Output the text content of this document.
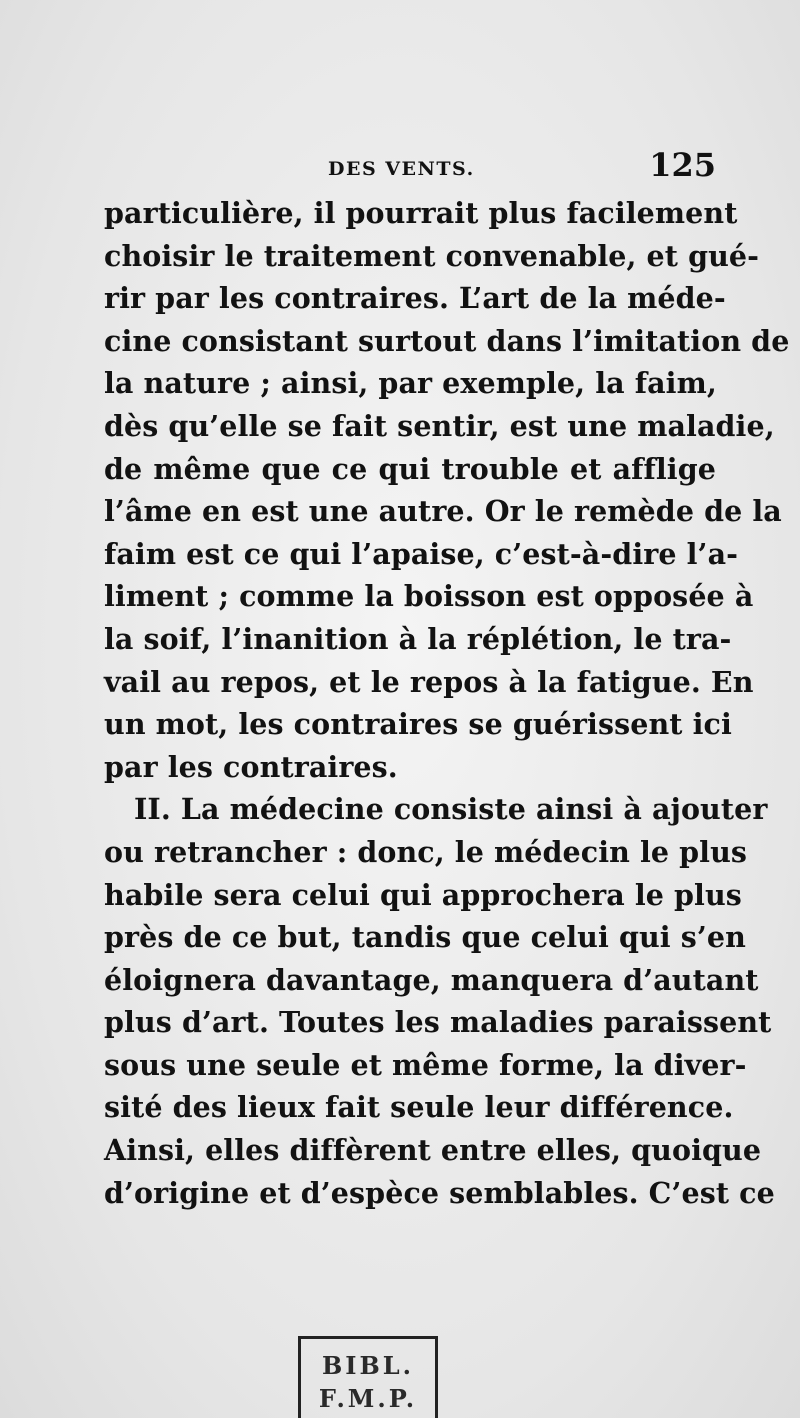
DES VENTS.	125
particulière, il pourrait plus facilement
choisir le traitement convenable, et gué-
rir par les contraires. L’art de la méde-
cine consistant surtout dans l’imitation de
la nature ; ainsi, par exemple, la faim,
dès qu’elle se fait sentir, est une maladie,
de même que ce qui trouble et afflige
l’âme en est une autre. Or le remède de la
faim est ce qui l’apaise, c’est-à-dire l’a-
liment ; comme la boisson est opposée à
la soif, l’inanition à la réplétion, le tra-
vail au repos, et le repos à la fatigue. En
un mot, les contraires se guérissent ici
par les contraires.
II. La médecine consiste ainsi à ajouter
ou retrancher : donc, le médecin le plus
habile sera celui qui approchera le plus
près de ce but, tandis que celui qui s’en
éloignera davantage, manquera d’autant
plus d’art. Toutes les maladies paraissent
sous une seule et même forme, la diver-
sité des lieux fait seule leur différence.
Ainsi, elles diffèrent entre elles, quoique
d’origine et d’espèce semblables. C’est ce
BIBL.
F.M.P.
